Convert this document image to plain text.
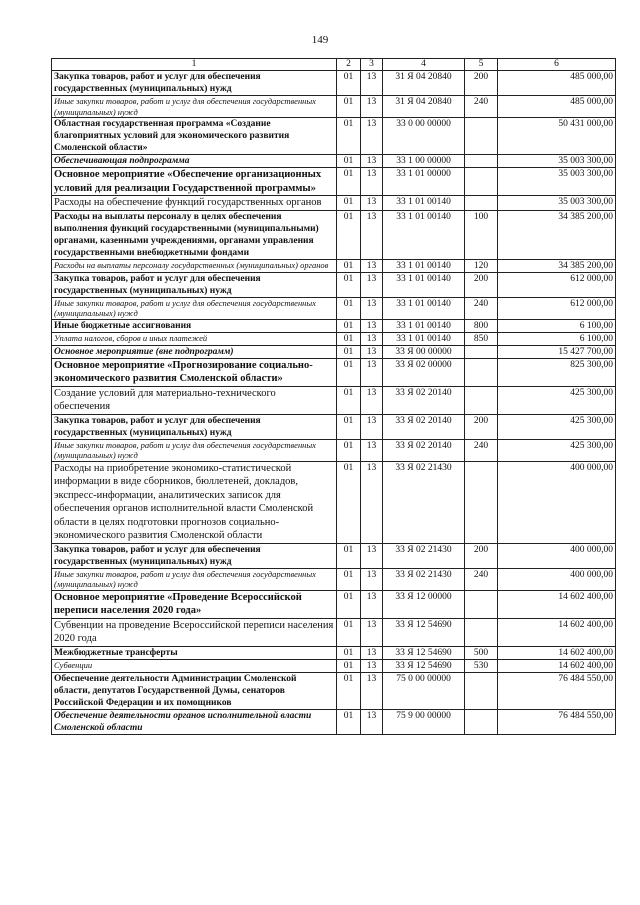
149
1	2	3	4	5	6
Закупка товаров, работ и услуг для обеспечения государственных (муниципальных) нужд	01	13	31 Я 04 20840	200	485 000,00
Иные закупки товаров, работ и услуг для обеспечения государственных (муниципальных) нужд	01	13	31 Я 04 20840	240	485 000,00
Областная государственная программа «Создание благоприятных условий для экономического развития Смоленской области»	01	13	33 0 00 00000		50 431 000,00
Обеспечивающая подпрограмма	01	13	33 1 00 00000		35 003 300,00
Основное мероприятие «Обеспечение организационных условий для реализации Государственной программы»	01	13	33 1 01 00000		35 003 300,00
Расходы на обеспечение функций государственных органов	01	13	33 1 01 00140		35 003 300,00
Расходы на выплаты персоналу в целях обеспечения выполнения функций государственными (муниципальными) органами, казенными учреждениями, органами управления государственными внебюджетными фондами	01	13	33 1 01 00140	100	34 385 200,00
Расходы на выплаты персоналу государственных (муниципальных) органов	01	13	33 1 01 00140	120	34 385 200,00
Закупка товаров, работ и услуг для обеспечения государственных (муниципальных) нужд	01	13	33 1 01 00140	200	612 000,00
Иные закупки товаров, работ и услуг для обеспечения государственных (муниципальных) нужд	01	13	33 1 01 00140	240	612 000,00
Иные бюджетные ассигнования	01	13	33 1 01 00140	800	6 100,00
Уплата налогов, сборов и иных платежей	01	13	33 1 01 00140	850	6 100,00
Основное мероприятие (вне подпрограмм)	01	13	33 Я 00 00000		15 427 700,00
Основное мероприятие «Прогнозирование социально-экономического развития Смоленской области»	01	13	33 Я 02 00000		825 300,00
Создание условий для материально-технического обеспечения	01	13	33 Я 02 20140		425 300,00
Закупка товаров, работ и услуг для обеспечения государственных (муниципальных) нужд	01	13	33 Я 02 20140	200	425 300,00
Иные закупки товаров, работ и услуг для обеспечения государственных (муниципальных) нужд	01	13	33 Я 02 20140	240	425 300,00
Расходы на приобретение экономико-статистической информации в виде сборников, бюллетеней, докладов, экспресс-информации, аналитических записок для обеспечения органов исполнительной власти Смоленской области в целях подготовки прогнозов социально-экономического развития Смоленской области	01	13	33 Я 02 21430		400 000,00
Закупка товаров, работ и услуг для обеспечения государственных (муниципальных) нужд	01	13	33 Я 02 21430	200	400 000,00
Иные закупки товаров, работ и услуг для обеспечения государственных (муниципальных) нужд	01	13	33 Я 02 21430	240	400 000,00
Основное мероприятие «Проведение Всероссийской переписи населения 2020 года»	01	13	33 Я 12 00000		14 602 400,00
Субвенции на проведение Всероссийской переписи населения 2020 года	01	13	33 Я 12 54690		14 602 400,00
Межбюджетные трансферты	01	13	33 Я 12 54690	500	14 602 400,00
Субвенции	01	13	33 Я 12 54690	530	14 602 400,00
Обеспечение деятельности Администрации Смоленской области, депутатов Государственной Думы, сенаторов Российской Федерации и их помощников	01	13	75 0 00 00000		76 484 550,00
Обеспечение деятельности органов исполнительной власти Смоленской области	01	13	75 9 00 00000		76 484 550,00
